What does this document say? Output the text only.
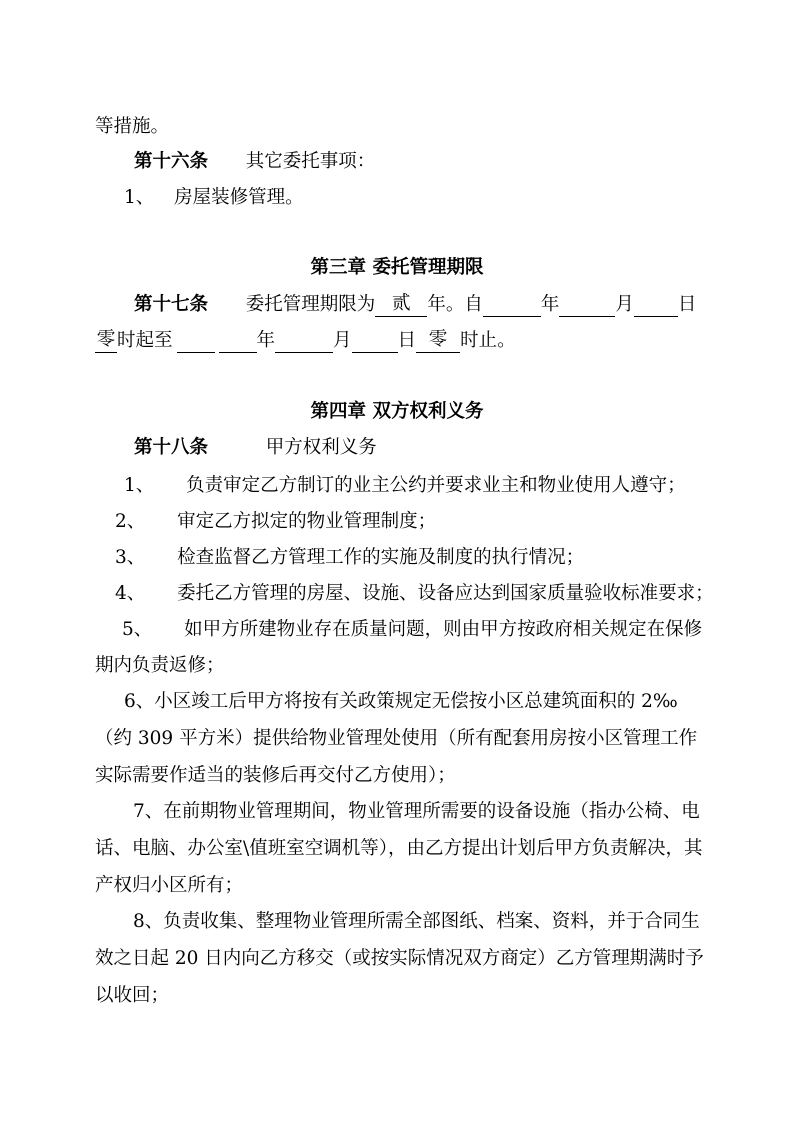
等措施。
第十六条 其它委托事项：
1、 房屋装修管理。
第三章 委托管理期限
第十七条 委托管理期限为 贰 年。自	年	月 日
零时起至	年	月 日 零 时止。
第四章 双方权利义务
第十八条	甲方权利义务
1、 负责审定乙方制订的业主公约并要求业主和物业使用人遵守；
2、 审定乙方拟定的物业管理制度；
3、 检查监督乙方管理工作的实施及制度的执行情况；
4、 委托乙方管理的房屋、设施、设备应达到国家质量验收标准要求；
5、 如甲方所建物业存在质量问题，则由甲方按政府相关规定在保修
期内负责返修；
6、小区竣工后甲方将按有关政策规定无偿按小区总建筑面积的 2‰
（约 309 平方米）提供给物业管理处使用（所有配套用房按小区管理工作
实际需要作适当的装修后再交付乙方使用）；
7、在前期物业管理期间，物业管理所需要的设备设施（指办公椅、电
话、电脑、办公室\值班室空调机等），由乙方提出计划后甲方负责解决，其
产权归小区所有；
8、负责收集、整理物业管理所需全部图纸、档案、资料，并于合同生
效之日起 20 日内向乙方移交（或按实际情况双方商定）乙方管理期满时予
以收回；
